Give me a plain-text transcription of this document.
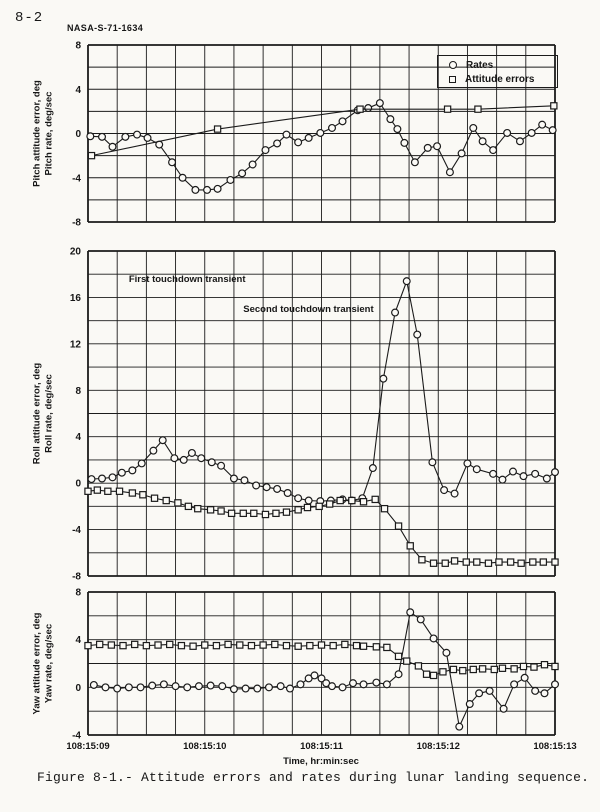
8-2
NASA-S-71-1634
8
4
0
-4
-8
20
16
12
8
4
0
-4
-8
8
4
0
-4
Pitch attitude error, deg Pitch rate, deg/sec
Roll attitude error, deg Roll rate, deg/sec
Yaw attitude error, deg Yaw rate, deg/sec
Rates
Attitude errors
108:15:09	108:15:10	108:15:11	108:15:12	108:15:13
Time, hr:min:sec
Figure 8-1.- Attitude errors and rates during lunar landing sequence.
First touchdown transient
Second touchdown transient
